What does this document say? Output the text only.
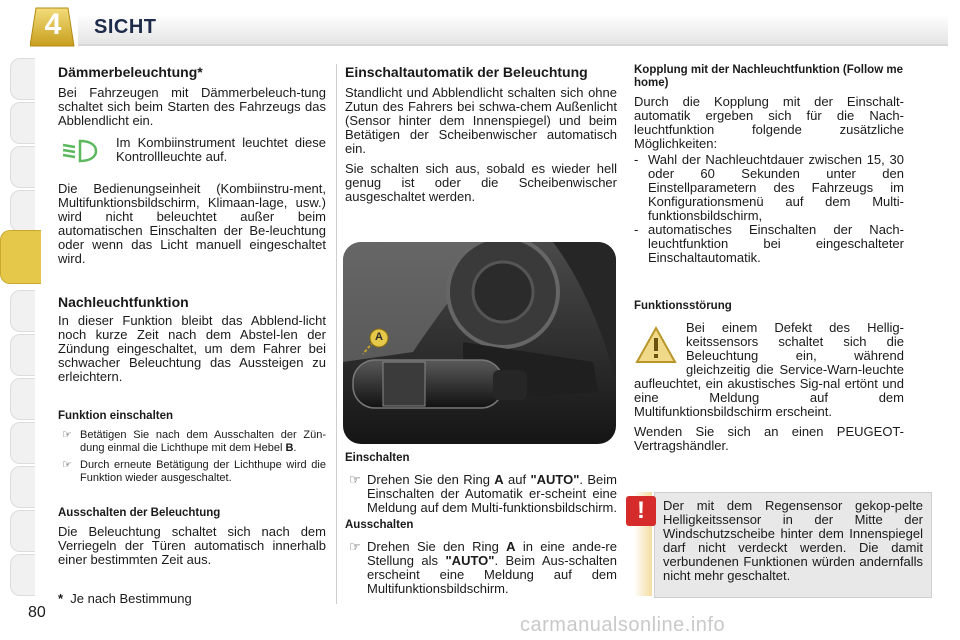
4	SICHT
Dämmerbeleuchtung*

Bei Fahrzeugen mit Dämmerbeleuch-tung schaltet sich beim Starten des Fahrzeugs das Abblendlicht ein.

Im Kombiinstrument leuchtet diese Kontrollleuchte auf.

Die Bedienungseinheit (Kombiinstru-ment, Multifunktionsbildschirm, Klimaan-lage, usw.) wird nicht beleuchtet außer beim automatischen Einschalten der Be-leuchtung oder wenn das Licht manuell eingeschaltet wird.

Nachleuchtfunktion

In dieser Funktion bleibt das Abblend-licht noch kurze Zeit nach dem Abstel-len der Zündung eingeschaltet, um dem Fahrer bei schwacher Beleuchtung das Aussteigen zu erleichtern.

Funktion einschalten

☞ Betätigen Sie nach dem Ausschalten der Zün-dung einmal die Lichthupe mit dem Hebel B.

☞ Durch erneute Betätigung der Lichthupe wird die Funktion wieder ausgeschaltet.

Ausschalten der Beleuchtung

Die Beleuchtung schaltet sich nach dem Verriegeln der Türen automatisch innerhalb einer bestimmten Zeit aus.

* Je nach Bestimmung
Einschaltautomatik der Beleuchtung

Standlicht und Abblendlicht schalten sich ohne Zutun des Fahrers bei schwa-chem Außenlicht (Sensor hinter dem Innenspiegel) und beim Betätigen der Scheibenwischer automatisch ein.

Sie schalten sich aus, sobald es wieder hell genug ist oder die Scheibenwischer ausgeschaltet werden.

A
Einschalten

☞ Drehen Sie den Ring A auf "AUTO". Beim Einschalten der Automatik er-scheint eine Meldung auf dem Multi-funktionsbildschirm.

Ausschalten

☞ Drehen Sie den Ring A in eine ande-re Stellung als "AUTO". Beim Aus-schalten erscheint eine Meldung auf dem Multifunktionsbildschirm.

Kopplung mit der Nachleuchtfunktion (Follow me home)

Durch die Kopplung mit der Einschalt-automatik ergeben sich für die Nach-leuchtfunktion folgende zusätzliche Möglichkeiten:

- Wahl der Nachleuchtdauer zwischen 15, 30 oder 60 Sekunden unter den Einstellparametern des Fahrzeugs im Konfigurationsmenü auf dem Multi-funktionsbildschirm,

- automatisches Einschalten der Nach-leuchtfunktion bei eingeschalteter Einschaltautomatik.

Funktionsstörung

Bei einem Defekt des Hellig-keitssensors schaltet sich die Beleuchtung ein, während gleichzeitig die Service-Warn-leuchte aufleuchtet, ein akustisches Sig-nal ertönt und eine Meldung auf dem Multifunktionsbildschirm erscheint.

Wenden Sie sich an einen PEUGEOT-Vertragshändler.

Der mit dem Regensensor gekop-pelte Helligkeitssensor in der Mitte der Windschutzscheibe hinter dem Innenspiegel darf nicht verdeckt werden. Die damit verbundenen Funktionen würden andernfalls nicht mehr geschaltet.

!
80
carmanualsonline.info
